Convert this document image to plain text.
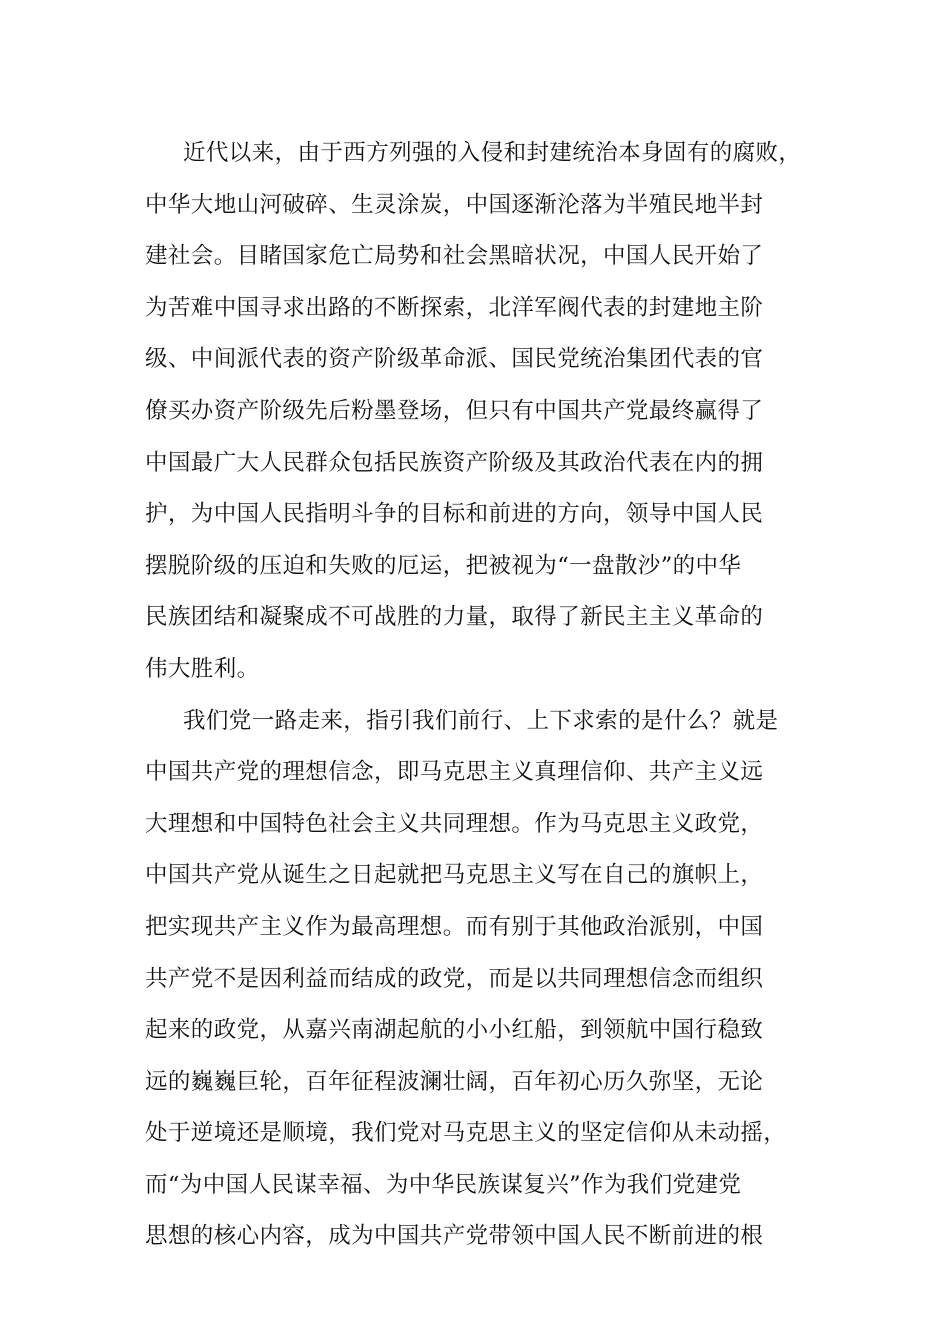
近代以来，由于西方列强的入侵和封建统治本身固有的腐败，
中华大地山河破碎、生灵涂炭，中国逐渐沦落为半殖民地半封
建社会。目睹国家危亡局势和社会黑暗状况，中国人民开始了
为苦难中国寻求出路的不断探索，北洋军阀代表的封建地主阶
级、中间派代表的资产阶级革命派、国民党统治集团代表的官
僚买办资产阶级先后粉墨登场，但只有中国共产党最终赢得了
中国最广大人民群众包括民族资产阶级及其政治代表在内的拥
护，为中国人民指明斗争的目标和前进的方向，领导中国人民
摆脱阶级的压迫和失败的厄运，把被视为“一盘散沙”的中华
民族团结和凝聚成不可战胜的力量，取得了新民主主义革命的
伟大胜利。
我们党一路走来，指引我们前行、上下求索的是什么？就是
中国共产党的理想信念，即马克思主义真理信仰、共产主义远
大理想和中国特色社会主义共同理想。作为马克思主义政党，
中国共产党从诞生之日起就把马克思主义写在自己的旗帜上，
把实现共产主义作为最高理想。而有别于其他政治派别，中国
共产党不是因利益而结成的政党，而是以共同理想信念而组织
起来的政党，从嘉兴南湖起航的小小红船，到领航中国行稳致
远的巍巍巨轮，百年征程波澜壮阔，百年初心历久弥坚，无论
处于逆境还是顺境，我们党对马克思主义的坚定信仰从未动摇，
而“为中国人民谋幸福、为中华民族谋复兴”作为我们党建党
思想的核心内容，成为中国共产党带领中国人民不断前进的根
